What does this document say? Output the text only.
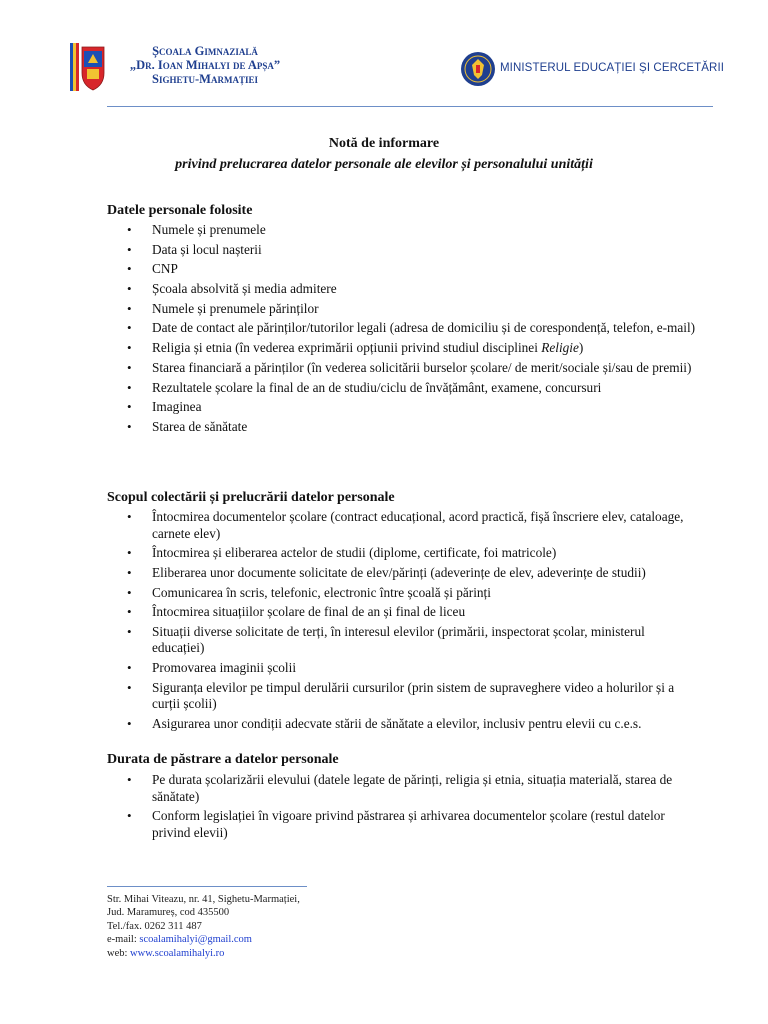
Școala Gimnazială
„Dr. Ioan Mihalyi de Apșa”
Sighetu-Marmației
MINISTERUL EDUCAȚIEI ȘI CERCETĂRII
Notă de informare
privind prelucrarea datelor personale ale elevilor și personalului unității
Datele personale folosite
• Numele și prenumele
• Data și locul nașterii
• CNP
• Școala absolvită și media admitere
• Numele și prenumele părinților
• Date de contact ale părinților/tutorilor legali (adresa de domiciliu și de corespondență, telefon, e-mail)
• Religia și etnia (în vederea exprimării opțiunii privind studiul disciplinei Religie)
• Starea financiară a părinților (în vederea solicitării burselor școlare/ de merit/sociale și/sau de premii)
• Rezultatele școlare la final de an de studiu/ciclu de învățământ, examene, concursuri
• Imaginea
• Starea de sănătate
Scopul colectării și prelucrării datelor personale
• Întocmirea documentelor școlare (contract educațional, acord practică, fișă înscriere elev, cataloage, carnete elev)
• Întocmirea și eliberarea actelor de studii (diplome, certificate, foi matricole)
• Eliberarea unor documente solicitate de elev/părinți (adeverințe de elev, adeverințe de studii)
• Comunicarea în scris, telefonic, electronic între școală și părinți
• Întocmirea situațiilor școlare de final de an și final de liceu
• Situații diverse solicitate de terți, în interesul elevilor (primării, inspectorat școlar, ministerul educației)
• Promovarea imaginii școlii
• Siguranța elevilor pe timpul derulării cursurilor (prin sistem de supraveghere video a holurilor și a curții școlii)
• Asigurarea unor condiții adecvate stării de sănătate a elevilor, inclusiv pentru elevii cu c.e.s.
Durata de păstrare a datelor personale
• Pe durata școlarizării elevului (datele legate de părinți, religia și etnia, situația materială, starea de sănătate)
• Conform legislației în vigoare privind păstrarea și arhivarea documentelor școlare (restul datelor privind elevii)
Str. Mihai Viteazu, nr. 41, Sighetu-Marmației,
Jud. Maramureș, cod 435500
Tel./fax. 0262 311 487
e-mail: scoalamihalyi@gmail.com
web: www.scoalamihalyi.ro
